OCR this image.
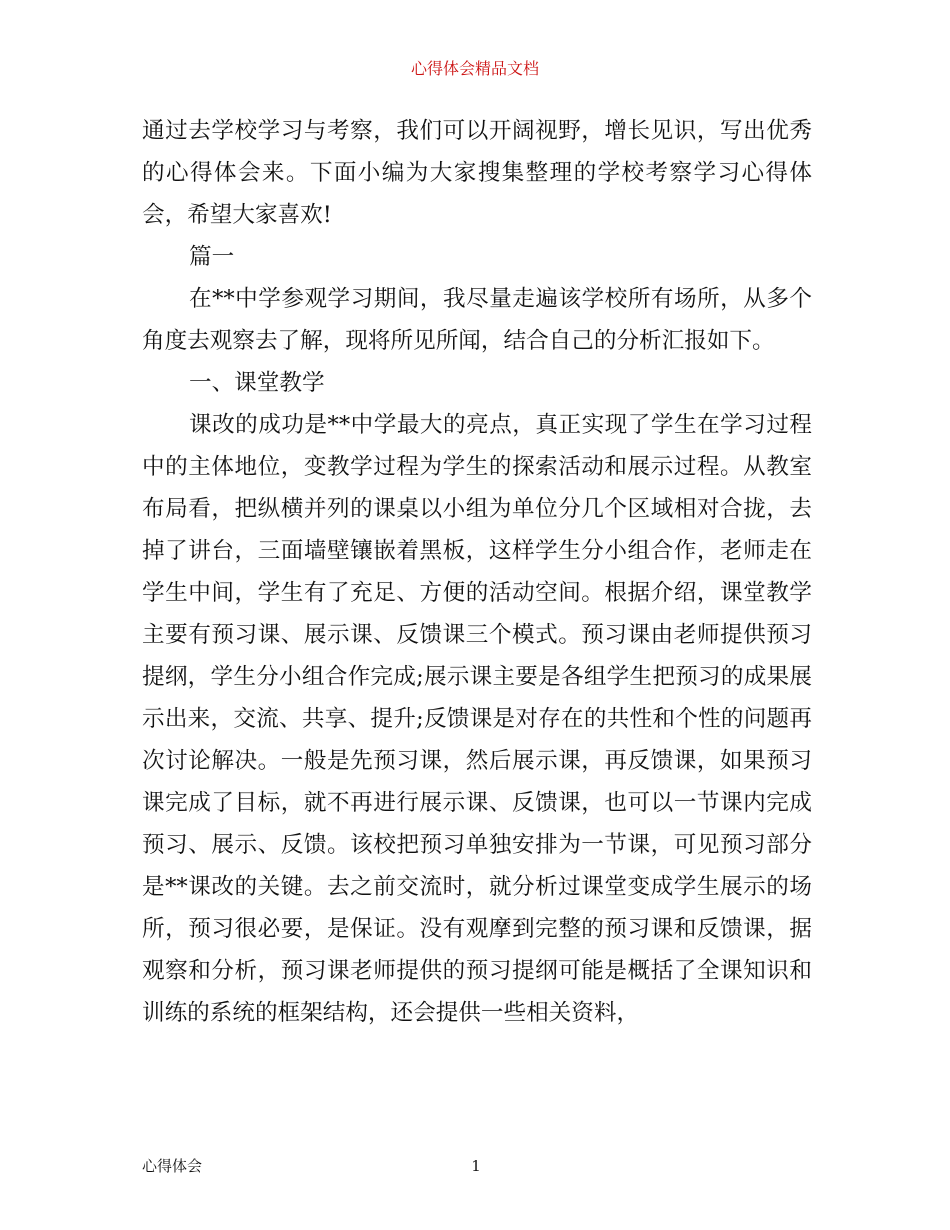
心得体会精品文档

通过去学校学习与考察，我们可以开阔视野，增长见识，写出优秀的心得体会来。下面小编为大家搜集整理的学校考察学习心得体会，希望大家喜欢!

篇一

在**中学参观学习期间，我尽量走遍该学校所有场所，从多个角度去观察去了解，现将所见所闻，结合自己的分析汇报如下。

一、课堂教学

课改的成功是**中学最大的亮点，真正实现了学生在学习过程中的主体地位，变教学过程为学生的探索活动和展示过程。从教室布局看，把纵横并列的课桌以小组为单位分几个区域相对合拢，去掉了讲台，三面墙壁镶嵌着黑板，这样学生分小组合作，老师走在学生中间，学生有了充足、方便的活动空间。根据介绍，课堂教学主要有预习课、展示课、反馈课三个模式。预习课由老师提供预习提纲，学生分小组合作完成;展示课主要是各组学生把预习的成果展示出来，交流、共享、提升;反馈课是对存在的共性和个性的问题再次讨论解决。一般是先预习课，然后展示课，再反馈课，如果预习课完成了目标，就不再进行展示课、反馈课，也可以一节课内完成预习、展示、反馈。该校把预习单独安排为一节课，可见预习部分是**课改的关键。去之前交流时，就分析过课堂变成学生展示的场所，预习很必要，是保证。没有观摩到完整的预习课和反馈课，据观察和分析，预习课老师提供的预习提纲可能是概括了全课知识和训练的系统的框架结构，还会提供一些相关资料，

心得体会	1
